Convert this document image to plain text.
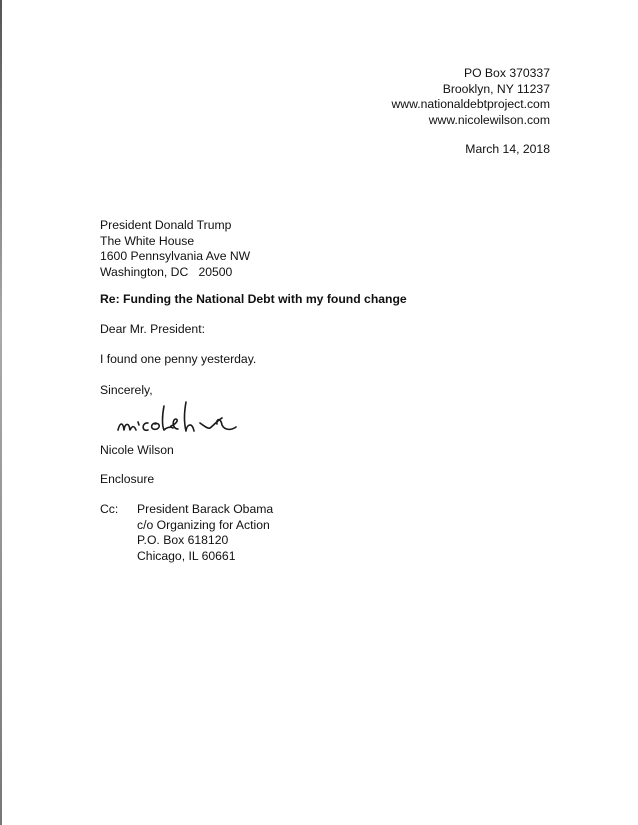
PO Box 370337
Brooklyn, NY 11237
www.nationaldebtproject.com
www.nicolewilson.com
March 14, 2018
President Donald Trump
The White House
1600 Pennsylvania Ave NW
Washington, DC   20500
Re: Funding the National Debt with my found change
Dear Mr. President:
I found one penny yesterday.
Sincerely,
Nicole Wilson
Enclosure
Cc: President Barack Obama
c/o Organizing for Action
P.O. Box 618120
Chicago, IL 60661
